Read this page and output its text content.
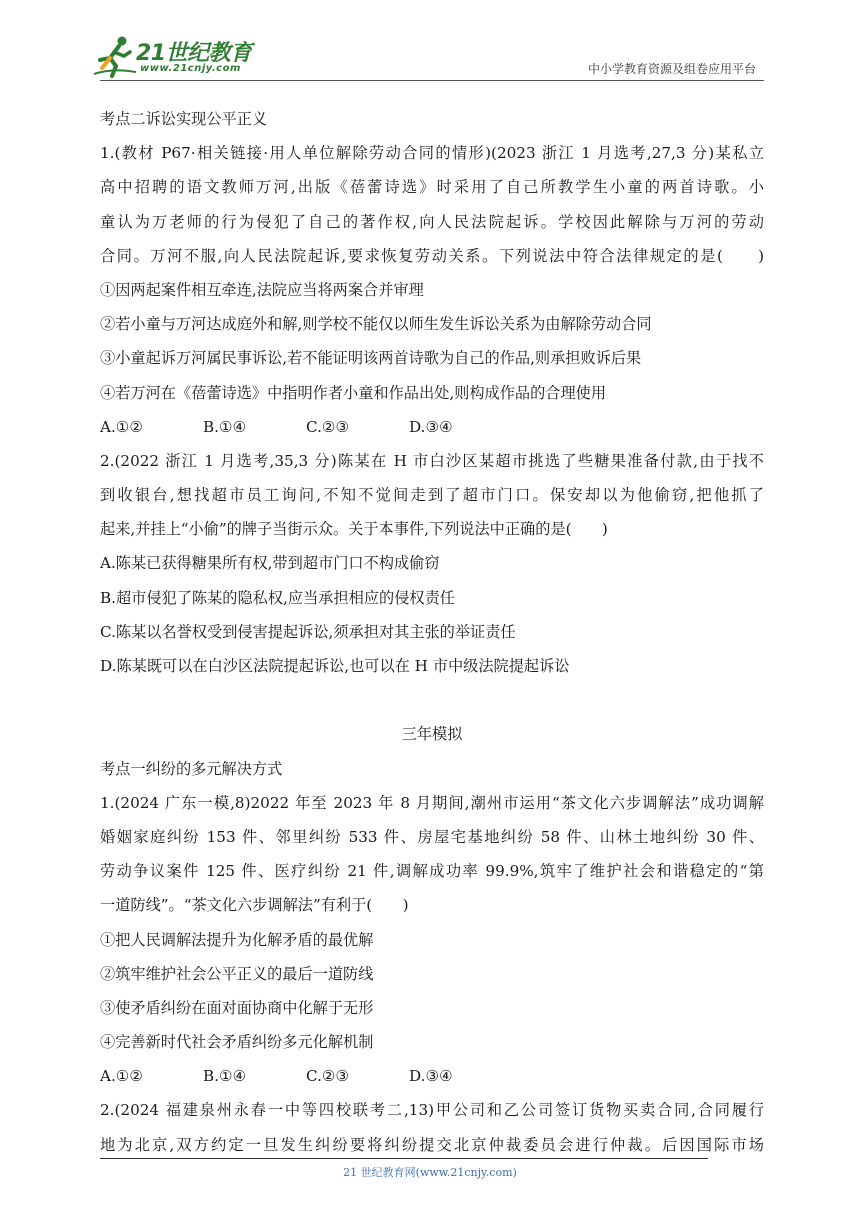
21世纪教育
www.21cnjy.com	中小学教育资源及组卷应用平台
考点二诉讼实现公平正义
1.(教材 P67·相关链接·用人单位解除劳动合同的情形)(2023 浙江 1 月选考,27,3 分)某私立
高中招聘的语文教师万河,出版《蓓蕾诗选》时采用了自己所教学生小童的两首诗歌。小
童认为万老师的行为侵犯了自己的著作权,向人民法院起诉。学校因此解除与万河的劳动
合同。万河不服,向人民法院起诉,要求恢复劳动关系。下列说法中符合法律规定的是(　　)
①因两起案件相互牵连,法院应当将两案合并审理
②若小童与万河达成庭外和解,则学校不能仅以师生发生诉讼关系为由解除劳动合同
③小童起诉万河属民事诉讼,若不能证明该两首诗歌为自己的作品,则承担败诉后果
④若万河在《蓓蕾诗选》中指明作者小童和作品出处,则构成作品的合理使用
A.①②	B.①④	C.②③	D.③④
2.(2022 浙江 1 月选考,35,3 分)陈某在 H 市白沙区某超市挑选了些糖果准备付款,由于找不
到收银台,想找超市员工询问,不知不觉间走到了超市门口。保安却以为他偷窃,把他抓了
起来,并挂上“小偷”的牌子当街示众。关于本事件,下列说法中正确的是(　　)
A.陈某已获得糖果所有权,带到超市门口不构成偷窃
B.超市侵犯了陈某的隐私权,应当承担相应的侵权责任
C.陈某以名誉权受到侵害提起诉讼,须承担对其主张的举证责任
D.陈某既可以在白沙区法院提起诉讼,也可以在 H 市中级法院提起诉讼
三年模拟
考点一纠纷的多元解决方式
1.(2024 广东一模,8)2022 年至 2023 年 8 月期间,潮州市运用“茶文化六步调解法”成功调解
婚姻家庭纠纷 153 件、邻里纠纷 533 件、房屋宅基地纠纷 58 件、山林土地纠纷 30 件、
劳动争议案件 125 件、医疗纠纷 21 件,调解成功率 99.9%,筑牢了维护社会和谐稳定的“第
一道防线”。“茶文化六步调解法”有利于(　　)
①把人民调解法提升为化解矛盾的最优解
②筑牢维护社会公平正义的最后一道防线
③使矛盾纠纷在面对面协商中化解于无形
④完善新时代社会矛盾纠纷多元化解机制
A.①②	B.①④	C.②③	D.③④
2.(2024 福建泉州永春一中等四校联考二,13)甲公司和乙公司签订货物买卖合同,合同履行
地为北京,双方约定一旦发生纠纷要将纠纷提交北京仲裁委员会进行仲裁。后因国际市场
21 世纪教育网(www.21cnjy.com)
